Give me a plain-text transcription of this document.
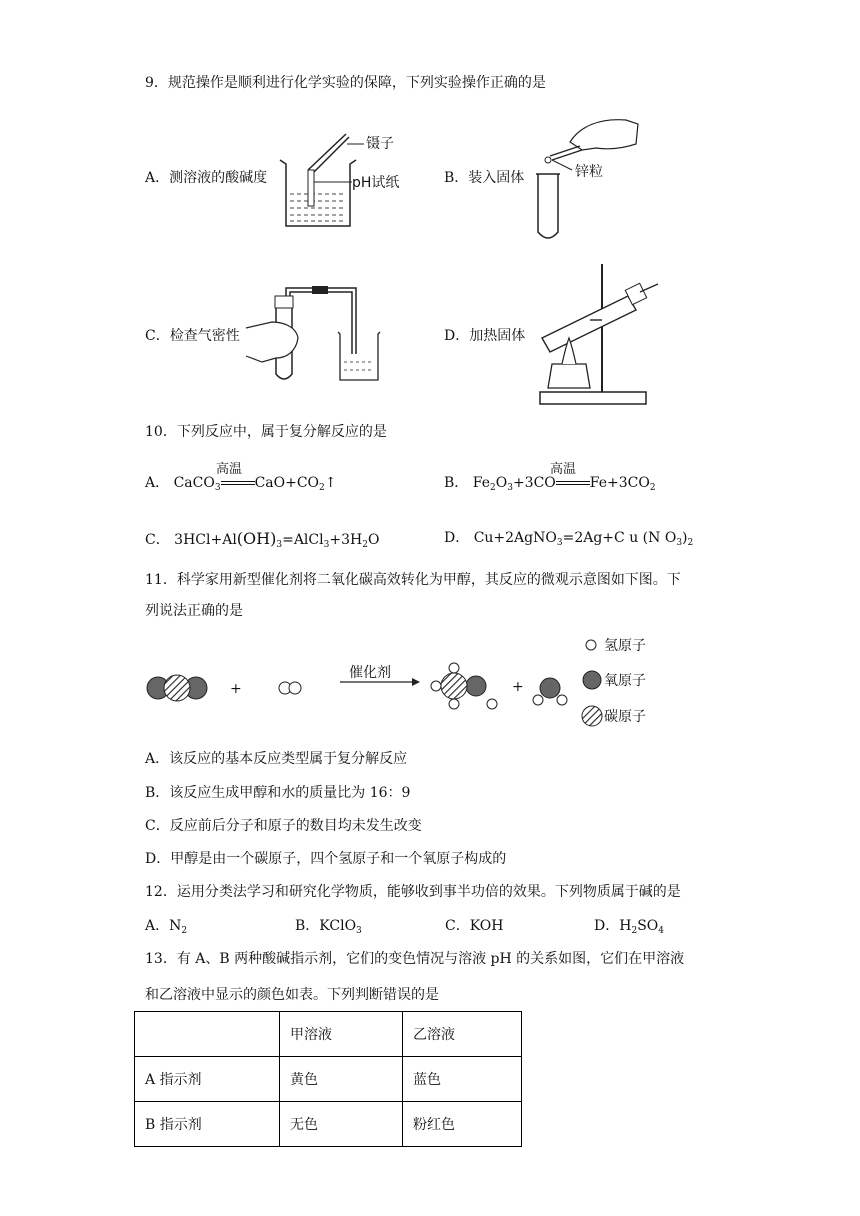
9．规范操作是顺利进行化学实验的保障，下列实验操作正确的是
A．测溶液的酸碱度
镊子
pH试纸	B．装入固体	锌粒
C．检查气密性	D．加热固体
10．下列反应中，属于复分解反应的是
A． CaCO$_3$ $CaO+CO_2↑$
高温
B． $Fe_2O_3+3CO$ $Fe+3CO_2$
高温
C． $3HCl+Al(OH)_3=AlCl_3+3H_2O$	D． Cu+2AgNO$_3$=2Ag+C u (N $O_3)_2$
11．科学家用新型催化剂将二氧化碳高效转化为甲醇，其反应的微观示意图如下图。下
列说法正确的是
+	+
催化剂
氢原子
氧原子
碳原子
A．该反应的基本反应类型属于复分解反应
B．该反应生成甲醇和水的质量比为 16：9
C．反应前后分子和原子的数目均未发生改变
D．甲醇是由一个碳原子，四个氢原子和一个氧原子构成的
12．运用分类法学习和研究化学物质，能够收到事半功倍的效果。下列物质属于碱的是
A．$N_2$	B．KClO$_3$	C．KOH	D．$H_2SO_4$
13．有 A、B 两种酸碱指示剂，它们的变色情况与溶液 pH 的关系如图，它们在甲溶液
和乙溶液中显示的颜色如表。下列判断错误的是
	甲溶液	乙溶液
A 指示剂	黄色	蓝色
B 指示剂	无色	粉红色
